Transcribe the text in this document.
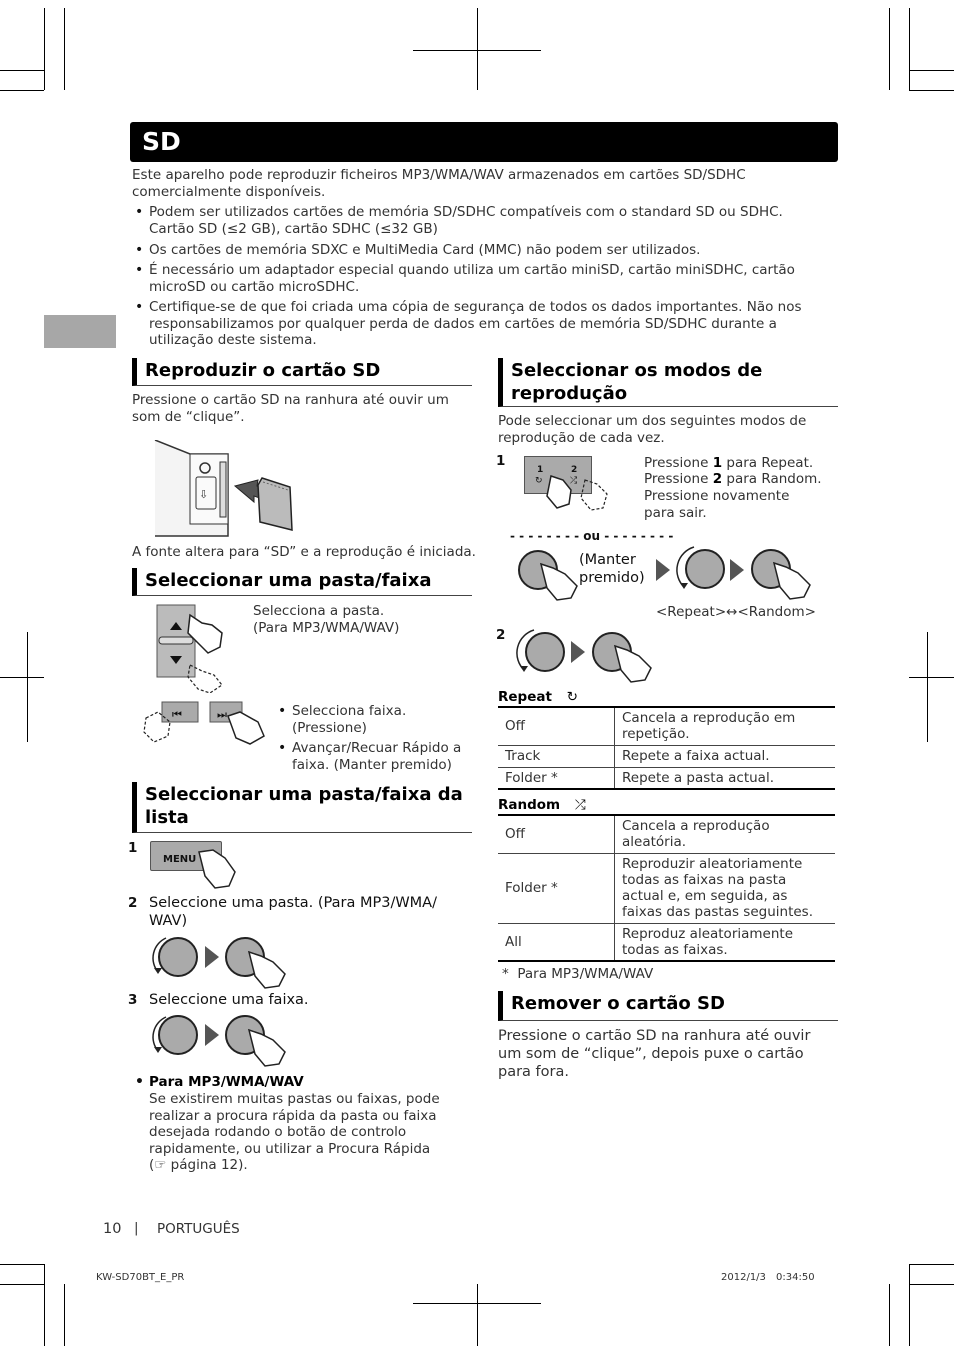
SD
Este aparelho pode reproduzir ficheiros MP3/WMA/WAV armazenados em cartões SD/SDHC comercialmente disponíveis.
• Podem ser utilizados cartões de memória SD/SDHC compatíveis com o standard SD ou SDHC. Cartão SD (≤2 GB), cartão SDHC (≤32 GB)
• Os cartões de memória SDXC e MultiMedia Card (MMC) não podem ser utilizados.
• É necessário um adaptador especial quando utiliza um cartão miniSD, cartão miniSDHC, cartão microSD ou cartão microSDHC.
• Certifique-se de que foi criada uma cópia de segurança de todos os dados importantes. Não nos responsabilizamos por qualquer perda de dados em cartões de memória SD/SDHC durante a utilização deste sistema.
Reproduzir o cartão SD
Pressione o cartão SD na ranhura até ouvir um som de “clique”.
⇩
A fonte altera para “SD” e a reprodução é iniciada.
Seleccionar uma pasta/faixa
Selecciona a pasta.
(Para MP3/WMA/WAV)
⏮	⏭	• Selecciona faixa. (Pressione)
• Avançar/Recuar Rápido a faixa. (Manter premido)
Seleccionar uma pasta/faixa da lista
1
MENU
2 Seleccione uma pasta. (Para MP3/WMA/ WAV)
3 Seleccione uma faixa.
• Para MP3/WMA/WAV
Se existirem muitas pastas ou faixas, pode realizar a procura rápida da pasta ou faixa desejada rodando o botão de controlo rapidamente, ou utilizar a Procura Rápida (☞ página 12).
Seleccionar os modos de reprodução
Pode seleccionar um dos seguintes modos de reprodução de cada vez.
1
1	2
↻	⤮
Pressione 1 para Repeat.
Pressione 2 para Random.
Pressione novamente para sair.
- - - - - - - - ou - - - - - - - -
(Manter premido)
<Repeat>↔<Random>
2
Repeat ↻
Off	Cancela a reprodução em repetição.
Track	Repete a faixa actual.
Folder *	Repete a pasta actual.
Random ⤮
Off	Cancela a reprodução aleatória.
Folder *	Reproduzir aleatoriamente todas as faixas na pasta actual e, em seguida, as faixas das pastas seguintes.
All	Reproduz aleatoriamente todas as faixas.
*  Para MP3/WMA/WAV
Remover o cartão SD
Pressione o cartão SD na ranhura até ouvir um som de “clique”, depois puxe o cartão para fora.
10 | PORTUGUÊS
KW-SD70BT_E_PR	2012/1/3 0:34:50
